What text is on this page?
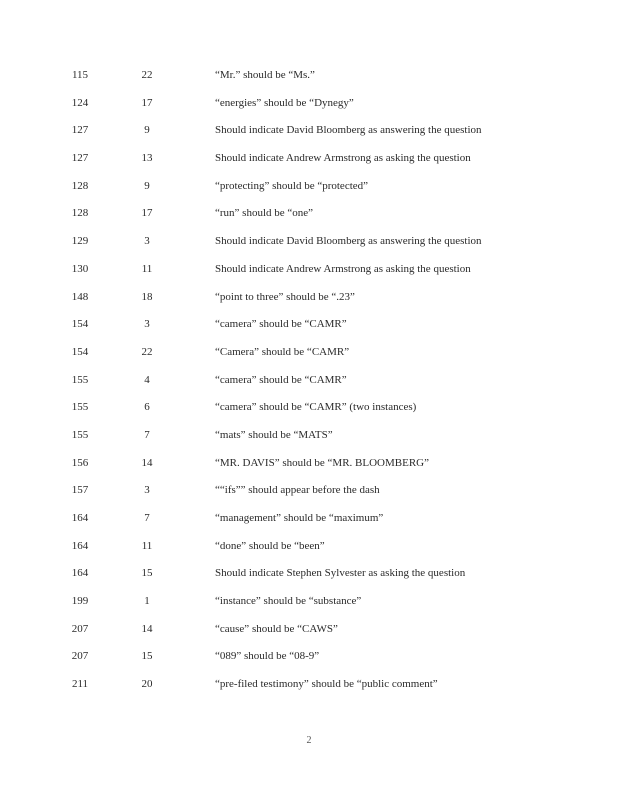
115	22	“Mr.” should be “Ms.”
124	17	“energies” should be “Dynegy”
127	9	Should indicate David Bloomberg as answering the question
127	13	Should indicate Andrew Armstrong as asking the question
128	9	“protecting” should be “protected”
128	17	“run” should be “one”
129	3	Should indicate David Bloomberg as answering the question
130	11	Should indicate Andrew Armstrong as asking the question
148	18	“point to three” should be “.23”
154	3	“camera” should be “CAMR”
154	22	“Camera” should be “CAMR”
155	4	“camera” should be “CAMR”
155	6	“camera” should be “CAMR” (two instances)
155	7	“mats” should be “MATS”
156	14	“MR. DAVIS” should be “MR. BLOOMBERG”
157	3	““ifs”” should appear before the dash
164	7	“management” should be “maximum”
164	11	“done” should be “been”
164	15	Should indicate Stephen Sylvester as asking the question
199	1	“instance” should be “substance”
207	14	“cause” should be “CAWS”
207	15	“089” should be “08-9”
211	20	“pre-filed testimony” should be “public comment”
2
